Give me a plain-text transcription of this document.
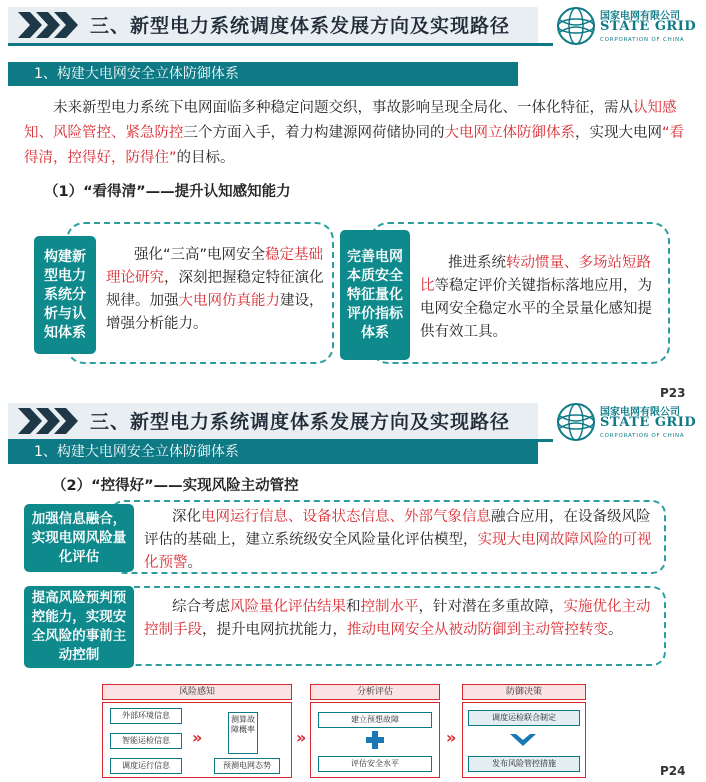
三、新型电力系统调度体系发展方向及实现路径	国家电网有限公司
STATE GRID
CORPORATION OF CHINA
1、构建大电网安全立体防御体系
未来新型电力系统下电网面临多种稳定问题交织，事故影响呈现全局化、一体化特征，需从认知感知、风险管控、紧急防控三个方面入手，着力构建源网荷储协同的大电网立体防御体系，实现大电网“看得清，控得好，防得住”的目标。
（1）“看得清”——提升认知感知能力
构建新型电力系统分析与认知体系
强化“三高”电网安全稳定基础理论研究，深刻把握稳定特征演化规律。加强大电网仿真能力建设，增强分析能力。
完善电网本质安全特征量化评价指标体系
推进系统转动惯量、多场站短路比等稳定评价关键指标落地应用，为电网安全稳定水平的全景量化感知提供有效工具。
P23
三、新型电力系统调度体系发展方向及实现路径	国家电网有限公司
STATE GRID
CORPORATION OF CHINA
1、构建大电网安全立体防御体系
（2）“控得好”——实现风险主动管控
加强信息融合，实现电网风险量化评估
深化电网运行信息、设备状态信息、外部气象信息融合应用，在设备级风险评估的基础上，建立系统级安全风险量化评估模型，实现大电网故障风险的可视化预警。
提高风险预判预控能力，实现安全风险的事前主动控制
综合考虑风险量化评估结果和控制水平，针对潜在多重故障，实施优化主动控制手段，提升电网抗扰能力，推动电网安全从被动防御到主动管控转变。
风险感知
外部环境信息
智能运检信息
调度运行信息
测算故障概率
预测电网态势
»	»
分析评估
建立预想故障
评估安全水平
»
防御决策
调度运检联合制定
发布风险管控措施
P24
